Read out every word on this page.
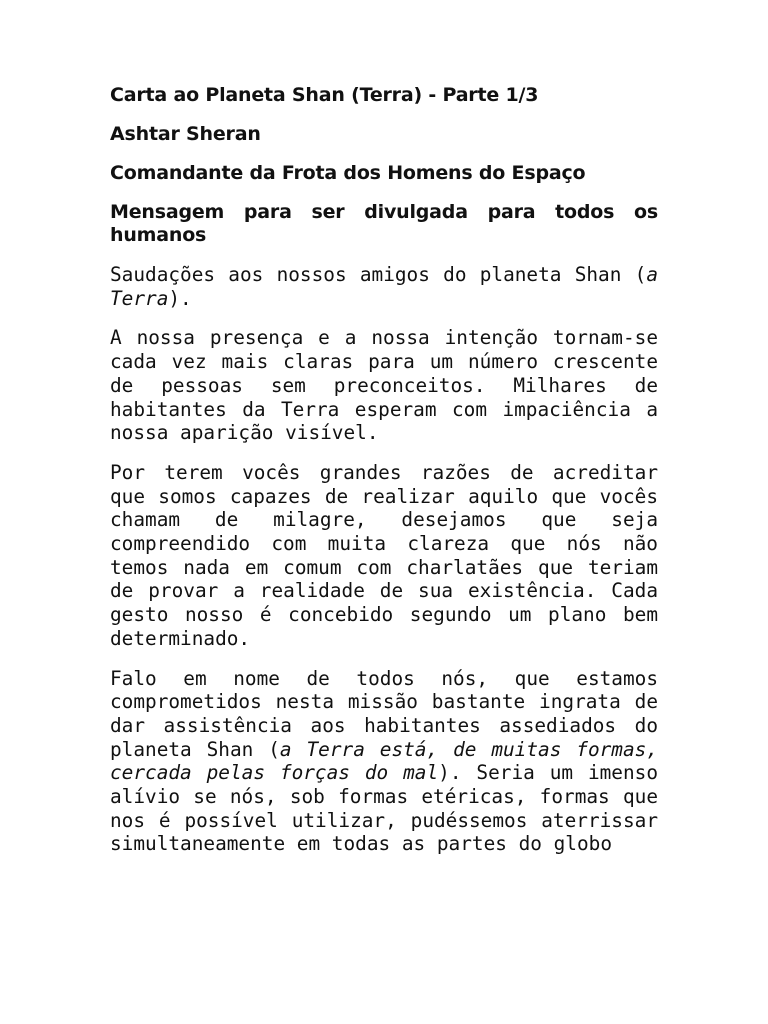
Carta ao Planeta Shan (Terra) - Parte 1/3

Ashtar Sheran

Comandante da Frota dos Homens do Espaço

Mensagem para ser divulgada para todos os humanos

Saudações aos nossos amigos do planeta Shan (a Terra).

A nossa presença e a nossa intenção tornam-se cada vez mais claras para um número crescente de pessoas sem preconceitos. Milhares de habitantes da Terra esperam com impaciência a nossa aparição visível.

Por terem vocês grandes razões de acreditar que somos capazes de realizar aquilo que vocês chamam de milagre, desejamos que seja compreendido com muita clareza que nós não temos nada em comum com charlatães que teriam de provar a realidade de sua existência. Cada gesto nosso é concebido segundo um plano bem determinado.

Falo em nome de todos nós, que estamos comprometidos nesta missão bastante ingrata de dar assistência aos habitantes assediados do planeta Shan (a Terra está, de muitas formas, cercada pelas forças do mal). Seria um imenso alívio se nós, sob formas etéricas, formas que nos é possível utilizar, pudéssemos aterrissar simultaneamente em todas as partes do globo
